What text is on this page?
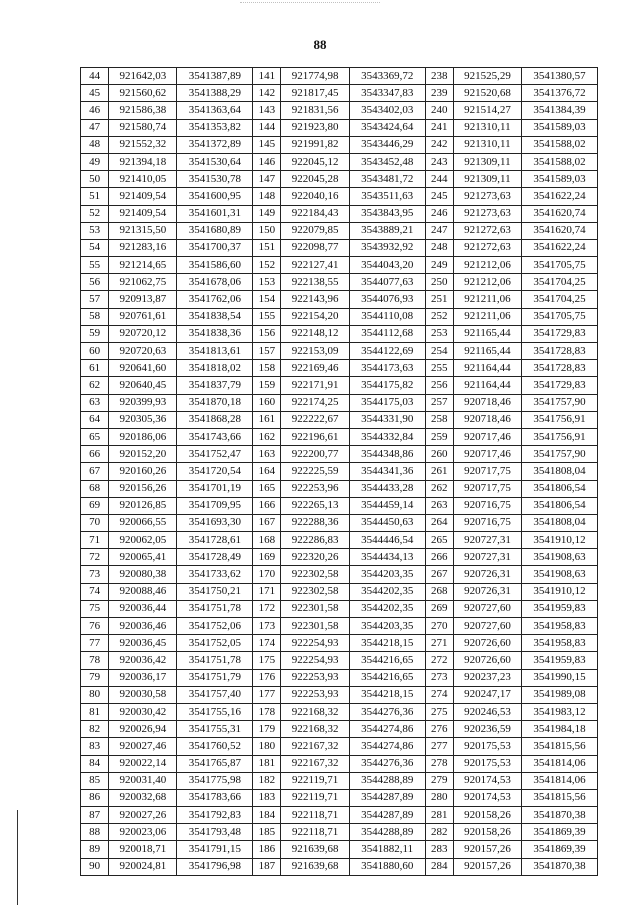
88
44	921642,03	3541387,89	141	921774,98	3543369,72	238	921525,29	3541380,57
45	921560,62	3541388,29	142	921817,45	3543347,83	239	921520,68	3541376,72
46	921586,38	3541363,64	143	921831,56	3543402,03	240	921514,27	3541384,39
47	921580,74	3541353,82	144	921923,80	3543424,64	241	921310,11	3541589,03
48	921552,32	3541372,89	145	921991,82	3543446,29	242	921310,11	3541588,02
49	921394,18	3541530,64	146	922045,12	3543452,48	243	921309,11	3541588,02
50	921410,05	3541530,78	147	922045,28	3543481,72	244	921309,11	3541589,03
51	921409,54	3541600,95	148	922040,16	3543511,63	245	921273,63	3541622,24
52	921409,54	3541601,31	149	922184,43	3543843,95	246	921273,63	3541620,74
53	921315,50	3541680,89	150	922079,85	3543889,21	247	921272,63	3541620,74
54	921283,16	3541700,37	151	922098,77	3543932,92	248	921272,63	3541622,24
55	921214,65	3541586,60	152	922127,41	3544043,20	249	921212,06	3541705,75
56	921062,75	3541678,06	153	922138,55	3544077,63	250	921212,06	3541704,25
57	920913,87	3541762,06	154	922143,96	3544076,93	251	921211,06	3541704,25
58	920761,61	3541838,54	155	922154,20	3544110,08	252	921211,06	3541705,75
59	920720,12	3541838,36	156	922148,12	3544112,68	253	921165,44	3541729,83
60	920720,63	3541813,61	157	922153,09	3544122,69	254	921165,44	3541728,83
61	920641,60	3541818,02	158	922169,46	3544173,63	255	921164,44	3541728,83
62	920640,45	3541837,79	159	922171,91	3544175,82	256	921164,44	3541729,83
63	920399,93	3541870,18	160	922174,25	3544175,03	257	920718,46	3541757,90
64	920305,36	3541868,28	161	922222,67	3544331,90	258	920718,46	3541756,91
65	920186,06	3541743,66	162	922196,61	3544332,84	259	920717,46	3541756,91
66	920152,20	3541752,47	163	922200,77	3544348,86	260	920717,46	3541757,90
67	920160,26	3541720,54	164	922225,59	3544341,36	261	920717,75	3541808,04
68	920156,26	3541701,19	165	922253,96	3544433,28	262	920717,75	3541806,54
69	920126,85	3541709,95	166	922265,13	3544459,14	263	920716,75	3541806,54
70	920066,55	3541693,30	167	922288,36	3544450,63	264	920716,75	3541808,04
71	920062,05	3541728,61	168	922286,83	3544446,54	265	920727,31	3541910,12
72	920065,41	3541728,49	169	922320,26	3544434,13	266	920727,31	3541908,63
73	920080,38	3541733,62	170	922302,58	3544203,35	267	920726,31	3541908,63
74	920088,46	3541750,21	171	922302,58	3544202,35	268	920726,31	3541910,12
75	920036,44	3541751,78	172	922301,58	3544202,35	269	920727,60	3541959,83
76	920036,46	3541752,06	173	922301,58	3544203,35	270	920727,60	3541958,83
77	920036,45	3541752,05	174	922254,93	3544218,15	271	920726,60	3541958,83
78	920036,42	3541751,78	175	922254,93	3544216,65	272	920726,60	3541959,83
79	920036,17	3541751,79	176	922253,93	3544216,65	273	920237,23	3541990,15
80	920030,58	3541757,40	177	922253,93	3544218,15	274	920247,17	3541989,08
81	920030,42	3541755,16	178	922168,32	3544276,36	275	920246,53	3541983,12
82	920026,94	3541755,31	179	922168,32	3544274,86	276	920236,59	3541984,18
83	920027,46	3541760,52	180	922167,32	3544274,86	277	920175,53	3541815,56
84	920022,14	3541765,87	181	922167,32	3544276,36	278	920175,53	3541814,06
85	920031,40	3541775,98	182	922119,71	3544288,89	279	920174,53	3541814,06
86	920032,68	3541783,66	183	922119,71	3544287,89	280	920174,53	3541815,56
87	920027,26	3541792,83	184	922118,71	3544287,89	281	920158,26	3541870,38
88	920023,06	3541793,48	185	922118,71	3544288,89	282	920158,26	3541869,39
89	920018,71	3541791,15	186	921639,68	3541882,11	283	920157,26	3541869,39
90	920024,81	3541796,98	187	921639,68	3541880,60	284	920157,26	3541870,38
